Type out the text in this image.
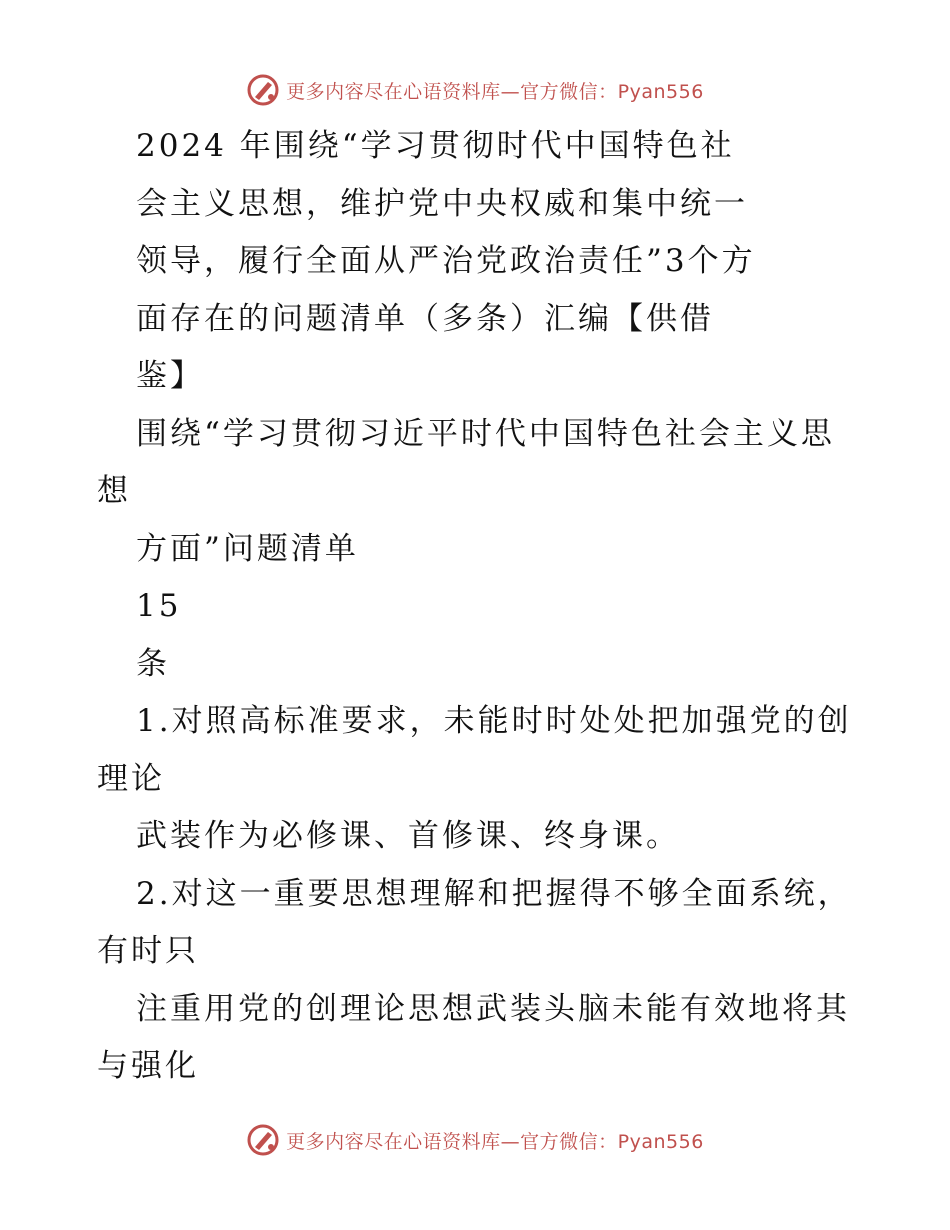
更多内容尽在心语资料库—官方微信：Pyan556
2024 年围绕“学习贯彻时代中国特色社
会主义思想，维护党中央权威和集中统一
领导，履行全面从严治党政治责任”3个方
面存在的问题清单（多条）汇编【供借
鉴】
围绕“学习贯彻习近平时代中国特色社会主义思
想
方面”问题清单
15
条
1.对照高标准要求，未能时时处处把加强党的创
理论
武装作为必修课、首修课、终身课。
2.对这一重要思想理解和把握得不够全面系统，
有时只
注重用党的创理论思想武装头脑未能有效地将其
与强化
更多内容尽在心语资料库—官方微信：Pyan556
